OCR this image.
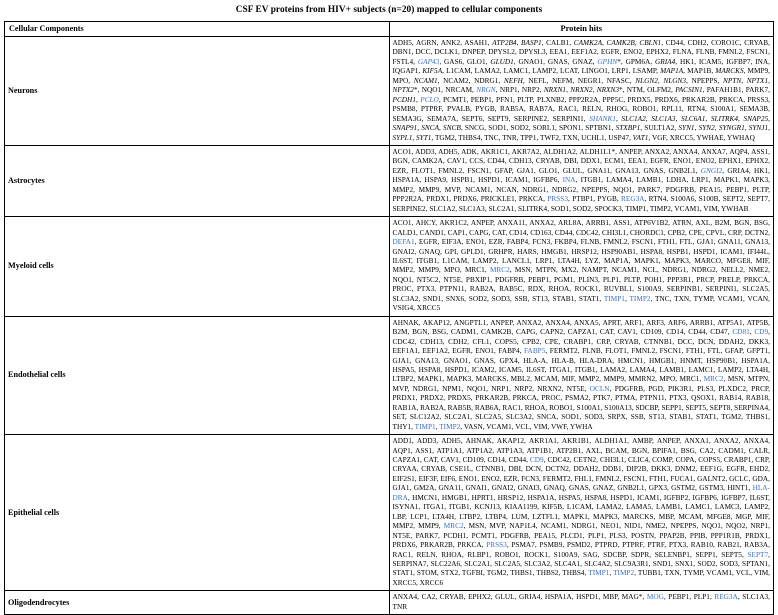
CSF EV proteins from HIV+ subjects (n=20) mapped to cellular components
Cellular Components	Protein hits
Neurons	ADH5, AGRN, ANK2, ASAH1, ATP2B4, BASP1, CALB1, CAMK2A, CAMK2B, CBLN1, CD44, CDH2, CORO1C, CRYAB, DBN1, DCC, DCLK1, DNPEP, DPYSL2, DPYSL3, EEA1, EEF1A2, EGFR, ENO2, EPHX2, FLNA, FLNB, FMNL2, FSCN1, FSTL4, GAP43, GAS6, GLO1, GLUD1, GNAO1, GNAS, GNAZ, GPHN*, GPM6A, GRIA4, HK1, ICAM5, IGFBP7, INA, IQGAP1, KIF5A, L1CAM, LAMA2, LAMC1, LAMP2, LCAT, LINGO1, LRP1, LSAMP, MAP1A, MAP1B, MARCKS, MMP9, MPO, NCAM1, NCAM2, NDRG1, NEFH, NEFL, NEFM, NEGR1, NFASC, NLGN2, NLGN3, NPEPPS, NPTN, NPTX1, NPTX2*, NQO1, NRCAM, NRGN, NRP1, NRP2, NRXN1, NRXN2, NRXN3*, NTM, OLFM2, PACSIN1, PAFAH1B1, PARK7, PCDH1, PCLO, PCMT1, PEBP1, PFN1, PLTP, PLXNB2, PPP2R2A, PPP5C, PRDX5, PRDX6, PRKAR2B, PRKCA, PRSS3, PSMB8, PTPRF, PVALB, PYGB, RAB5A, RAB7A, RAC1, RELN, RHOG, ROBO1, RPL11, RTN4, S100A1, SEMA3B, SEMA3G, SEMA7A, SEPT6, SEPT9, SERPINE2, SERPINI1, SHANK1, SLC1A2, SLC1A3, SLC6A1, SLITRK4, SNAP25, SNAP91, SNCA, SNCB, SNCG, SOD1, SOD2, SORL1, SPON1, SPTBN1, STXBP1, SULT1A2, SYN1, SYN2, SYNGR1, SYNJ1, SYPL1, SYT1, TGM2, THBS4, TNC, TNR, TPP1, TWF2, TXN, UCHL1, USP47, VAT1, VGF, XRCC5, YWHAE, YWHAQ
Astrocytes	ACO1, ADD3, ADH5, ADK, AKR1C1, AKR7A2, ALDH1A2, ALDH1L1*, ANPEP, ANXA2, ANXA4, ANXA7, AQP4, ASS1, BGN, CAMK2A, CAV1, CCS, CD44, CDH13, CRYAB, DBI, DDX1, ECM1, EEA1, EGFR, ENO1, ENO2, EPHX1, EPHX2, EZR, FLOT1, FMNL2, FSCN1, GFAP, GJA1, GLO1, GLUL, GNA11, GNA13, GNAS, GNB2L1, GNGI2, GRIA4, HK1, HSPA1A, HSPA9, HSPB1, HSPD1, ICAM1, IGFBP6, INA, ITGB1, LAMA4, LAMB1, LDHA, LRP1, MAPK1, MAPK3, MMP2, MMP9, MVP, NCAM1, NCAN, NDRG1, NDRG2, NPEPPS, NQO1, PARK7, PDGFRB, PEA15, PEBP1, PLTP, PPP2R2A, PRDX1, PRDX6, PRICKLE1, PRKCA, PRSS3, PTBP1, PYGB, REG3A, RTN4, S100A6, S100B, SEPT2, SEPT7, SERPINE2, SLC1A2, SLC1A3, SLC2A1, SLITRK4, SOD1, SOD2, SPOCK3, TIMP1, TIMP2, VCAM1, VIM, YWHAB
Myeloid cells	ACO1, AHCY, AKR1C2, ANPEP, ANXA11, ANXA2, ARL8A, ARRB1, ASS1, ATP6V1B2, ATRN, AXL, B2M, BGN, BSG, CALD1, CAND1, CAP1, CAPG, CAT, CD14, CD163, CD44, CDC42, CHI3L1, CHORDC1, CPB2, CPE, CPVL, CRP, DCTN2, DEFA1, EGFR, EIF3A, ENO1, EZR, FABP4, FCN3, FKBP4, FLNB, FMNL2, FSCN1, FTH1, FTL, GJA1, GNA11, GNA13, GNAI2, GNAQ, GPI, GPLD1, GRHPR, HARS, HMGB1, HRSP12, HSP90AB1, HSPA8, HSPB1, HSPD1, ICAM1, IFI44L, IL6ST, ITGB1, L1CAM, LAMP2, LANCL1, LRP1, LTA4H, LYZ, MAP1A, MAPK1, MAPK3, MARCO, MFGE8, MIF, MMP2, MMP9, MPO, MRC1, MRC2, MSN, MTPN, MX2, NAMPT, NCAM1, NCL, NDRG1, NDRG2, NELL2, NME2, NQO1, NT5C2, NT5E, PBXIP1, PDGFRB, PEBP1, PGM1, PLIN3, PLP1, PLTP, POH1, PPP3R1, PRCP, PRELP, PRKCA, PROC, PTX3, PTPN11, RAB2A, RAB5C, RDX, RHOA, ROCK1, RUVBL1, S100A9, SERPINB1, SERPINI1, SLC2A5, SLC3A2, SND1, SNX6, SOD2, SOD3, SSB, ST13, STAB1, STAT1, TIMP1, TIMP2, TNC, TXN, TYMP, VCAM1, VCAN, VSIG4, XRCC5
Endothelial cells	AHNAK, AKAP12, ANGPTL1, ANPEP, ANXA2, ANXA4, ANXA5, APRT, ARF1, ARF3, ARF6, ARRB1, ATP5A1, ATP5B, B2M, BGN, BSG, CADM1, CAMK2B, CAPG, CAPN2, CAPZA1, CAT, CAV1, CD109, CD14, CD44, CD47, CD81, CD9, CDC42, CDH13, CDH2, CFL1, COPS5, CPB2, CPE, CRABP1, CRP, CRYAB, CTNNB1, DCC, DCN, DDAH2, DKK3, EEF1A1, EEF1A2, EGFR, ENO1, FABP4, FABP5, FERMT2, FLNB, FLOT1, FMNL2, FSCN1, FTH1, FTL, GFAP, GFPT1, GJA1, GNA13, GNAO1, GNAS, GPX4, HLA-A, HLA-B, HLA-DRA, HMCN1, HMGB1, HNMT, HSP90B1, HSPA1A, HSPA5, HSPA8, HSPD1, ICAM2, ICAM5, IL6ST, ITGA1, ITGB1, LAMA2, LAMA4, LAMB1, LAMC1, LAMP2, LTA4H, LTBP2, MAPK1, MAPK3, MARCKS, MBL2, MCAM, MIF, MMP2, MMP9, MMRN2, MPO, MRC1, MRC2, MSN, MTPN, MVP, NDRG1, NPM1, NQO1, NRP1, NRP2, NRXN2, NT5E, OCLN, PDGFRB, PGD, PIK3R1, PLS3, PLXDC2, PRCP, PRDX1, PRDX2, PRDX5, PRKAR2B, PRKCA, PROC, PSMA2, PTK7, PTMA, PTPN11, PTX3, QSOX1, RAB14, RAB18, RAB1A, RAB2A, RAB5B, RAB6A, RAC1, RHOA, ROBO1, S100A1, S100A13, SDCBP, SEPP1, SEPT5, SEPT8, SERPINA4, SET, SLC12A2, SLC2A1, SLC2A5, SLC3A2, SNCA, SOD1, SOD3, SRPX, SSB, ST13, STAB1, STAT1, TGM2, THBS1, THY1, TIMP1, TIMP2, VASN, VCAM1, VCL, VIM, VWF, YWHA
Epithelial cells	ADD1, ADD3, ADH5, AHNAK, AKAP12, AKR1A1, AKR1B1, ALDH1A1, AMBP, ANPEP, ANXA1, ANXA2, ANXA4, AQP1, ASS1, ATP1A1, ATP1A2, ATP1A3, ATP1B1, ATP2B1, AXL, BCAM, BGN, BPIFA1, BSG, CA2, CADM1, CALR, CAPZA1, CAT, CAV1, CD109, CD14, CD44, CD9, CDC42, CETN2, CHI3L1, CLIC4, COMP, COPA, COPS5, CRABP1, CRP, CRYAA, CRYAB, CSE1L, CTNNB1, DBI, DCN, DCTN2, DDAH2, DDB1, DIP2B, DKK3, DNM2, EEF1G, EGFR, EHD2, EIF2S1, EIF3F, EIF6, ENO1, ENO2, EZR, FCN3, FERMT2, FHL1, FMNL2, FSCN1, FTH1, FUCA1, GALNT2, GCLC, GDA, GJA1, GM2A, GNA11, GNAI1, GNAI2, GNAI3, GNAQ, GNAS, GNAZ, GNB2L1, GPX3, GSTM2, GSTM3, HINT1, HLA-DRA, HMCN1, HMGB1, HPRT1, HRSP12, HSPA1A, HSPA5, HSPA8, HSPD1, ICAM1, IGFBP2, IGFBP6, IGFBP7, IL6ST, ISYNA1, ITGA1, ITGB1, KCNJ13, KIAA1199, KIF5B, L1CAM, LAMA2, LAMA5, LAMB1, LAMC1, LAMC3, LAMP2, LBP, LCP1, LTA4H, LTBP2, LTBP4, LUM, LZTFL1, MAPK1, MAPK3, MARCKS, MBP, MCAM, MFGE8, MGP, MIF, MMP2, MMP9, MRC2, MSN, MVP, NAP1L4, NCAM1, NDRG1, NEO1, NID1, NME2, NPEPPS, NQO1, NQO2, NRP1, NT5E, PARK7, PCDH1, PCMT1, PDGFRB, PEA15, PLCD1, PLP1, PLS3, POSTN, PPAP2B, PPIB, PPP1R1B, PRDX1, PRDX6, PRKAR2B, PRKCA, PRSS3, PSMA7, PSMB9, PSMD2, PTPRD, PTPRF, PTRF, PTX3, RAB10, RAB21, RAB3A, RAC1, RELN, RHOA, RLBP1, ROBO1, ROCK1, S100A9, SAG, SDCBP, SDPR, SELENBP1, SEPP1, SEPT5, SEPT7, SERPINA7, SLC22A6, SLC2A1, SLC2A5, SLC3A2, SLC4A1, SLC4A2, SLC9A3R1, SND1, SNX1, SOD2, SOD3, SPTAN1, STAT1, STOM, STX2, TGFBI, TGM2, THBS1, THBS2, THBS4, TIMP1, TIMP2, TUBB1, TXN, TYMP, VCAM1, VCL, VIM, XRCC5, XRCC6
Oligodendrocytes	ANXA4, CA2, CRYAB, EPHX2, GLUL, GRIA4, HSPA1A, HSPD1, MBP, MAG*, MOG, PEBP1, PLP1, REG3A, SLC1A3, TNR
